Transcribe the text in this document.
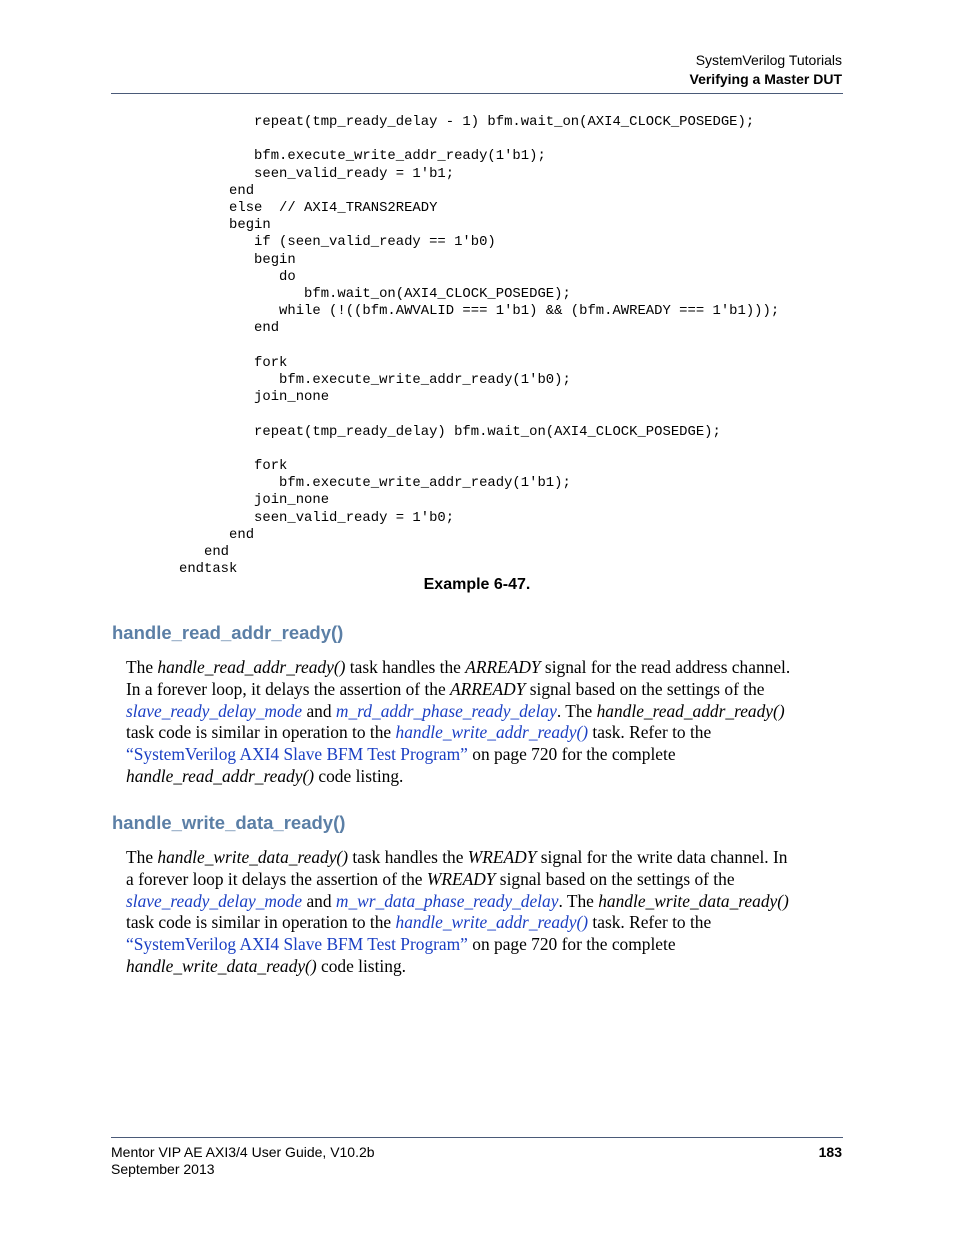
SystemVerilog Tutorials
Verifying a Master DUT
repeat(tmp_ready_delay - 1) bfm.wait_on(AXI4_CLOCK_POSEDGE);

bfm.execute_write_addr_ready(1'b1);
seen_valid_ready = 1'b1;
end
else  // AXI4_TRANS2READY
begin
if (seen_valid_ready == 1'b0)
begin
do
bfm.wait_on(AXI4_CLOCK_POSEDGE);
while (!((bfm.AWVALID === 1'b1) && (bfm.AWREADY === 1'b1)));
end

fork
bfm.execute_write_addr_ready(1'b0);
join_none

repeat(tmp_ready_delay) bfm.wait_on(AXI4_CLOCK_POSEDGE);

fork
bfm.execute_write_addr_ready(1'b1);
join_none
seen_valid_ready = 1'b0;
end
end
endtask
Example 6-47.
handle_read_addr_ready()
The handle_read_addr_ready() task handles the ARREADY signal for the read address channel.
In a forever loop, it delays the assertion of the ARREADY signal based on the settings of the
slave_ready_delay_mode and m_rd_addr_phase_ready_delay. The handle_read_addr_ready()
task code is similar in operation to the handle_write_addr_ready() task. Refer to the
“SystemVerilog AXI4 Slave BFM Test Program” on page 720 for the complete
handle_read_addr_ready() code listing.
handle_write_data_ready()
The handle_write_data_ready() task handles the WREADY signal for the write data channel. In
a forever loop it delays the assertion of the WREADY signal based on the settings of the
slave_ready_delay_mode and m_wr_data_phase_ready_delay. The handle_write_data_ready()
task code is similar in operation to the handle_write_addr_ready() task. Refer to the
“SystemVerilog AXI4 Slave BFM Test Program” on page 720 for the complete
handle_write_data_ready() code listing.
Mentor VIP AE AXI3/4 User Guide, V10.2b
September 2013
183
